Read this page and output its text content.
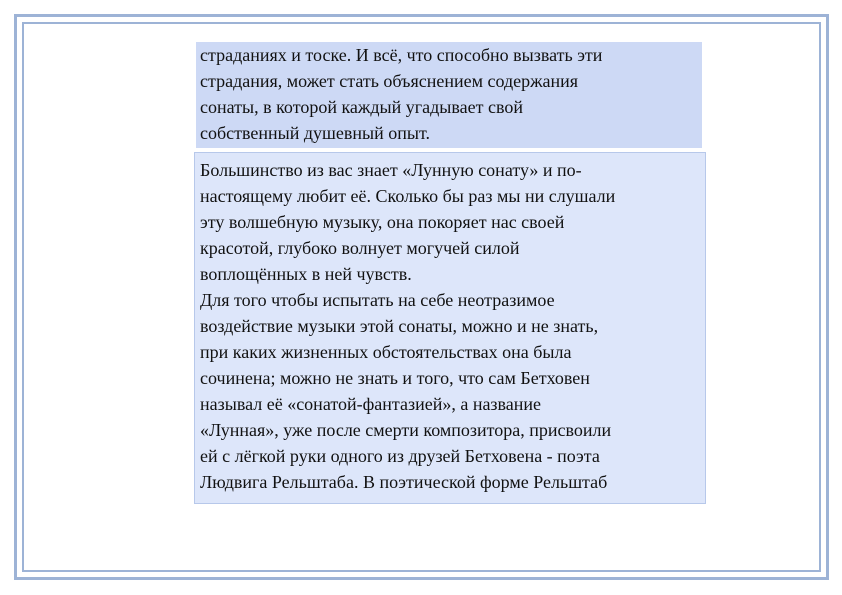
страданиях и тоске. И всё, что способно вызвать эти
страдания, может стать объяснением содержания
сонаты, в которой каждый угадывает свой
собственный душевный опыт.
Большинство из вас знает «Лунную сонату» и по-
настоящему любит её. Сколько бы раз мы ни слушали
эту волшебную музыку, она покоряет нас своей
красотой, глубоко волнует могучей силой
воплощённых в ней чувств.
Для того чтобы испытать на себе неотразимое
воздействие музыки этой сонаты, можно и не знать,
при каких жизненных обстоятельствах она была
сочинена; можно не знать и того, что сам Бетховен
называл её «сонатой-фантазией», а название
«Лунная», уже после смерти композитора, присвоили
ей с лёгкой руки одного из друзей Бетховена - поэта
Людвига Рельштаба. В поэтической форме Рельштаб
